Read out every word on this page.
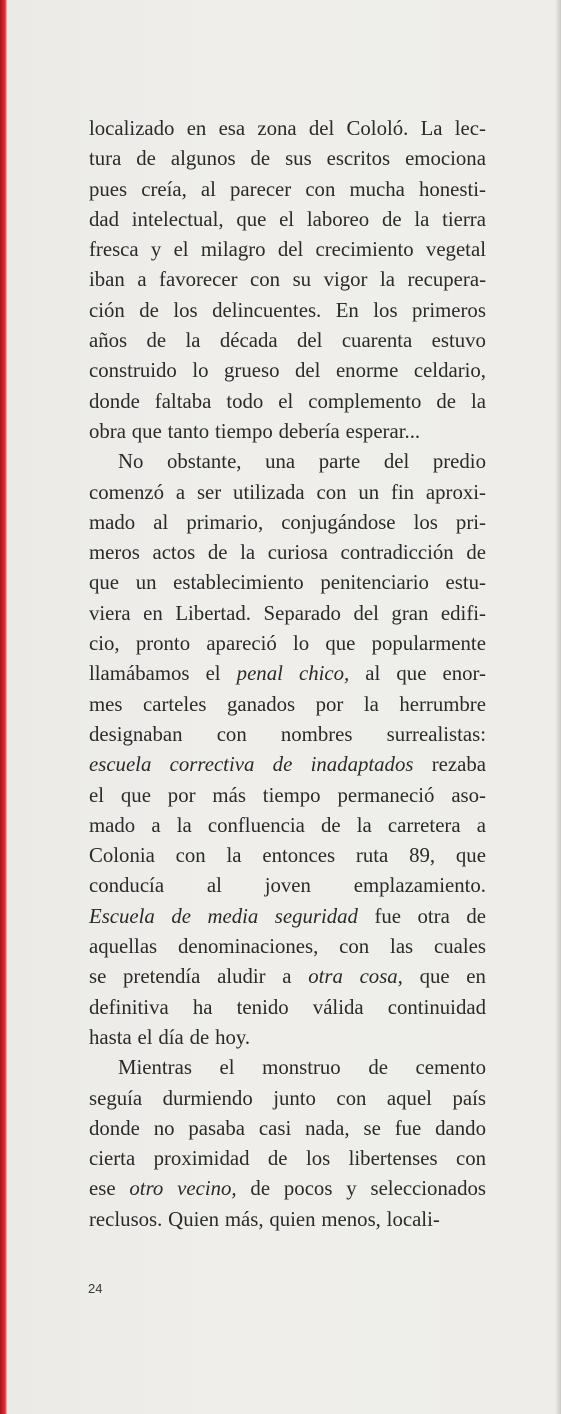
localizado en esa zona del Cololó. La lec-
tura de algunos de sus escritos emociona
pues creía, al parecer con mucha honesti-
dad intelectual, que el laboreo de la tierra
fresca y el milagro del crecimiento vegetal
iban a favorecer con su vigor la recupera-
ción de los delincuentes. En los primeros
años de la década del cuarenta estuvo
construido lo grueso del enorme celdario,
donde faltaba todo el complemento de la
obra que tanto tiempo debería esperar...
No obstante, una parte del predio
comenzó a ser utilizada con un fin aproxi-
mado al primario, conjugándose los pri-
meros actos de la curiosa contradicción de
que un establecimiento penitenciario estu-
viera en Libertad. Separado del gran edifi-
cio, pronto apareció lo que popularmente
llamábamos el penal chico, al que enor-
mes carteles ganados por la herrumbre
designaban con nombres surrealistas:
escuela correctiva de inadaptados rezaba
el que por más tiempo permaneció aso-
mado a la confluencia de la carretera a
Colonia con la entonces ruta 89, que
conducía al joven emplazamiento.
Escuela de media seguridad fue otra de
aquellas denominaciones, con las cuales
se pretendía aludir a otra cosa, que en
definitiva ha tenido válida continuidad
hasta el día de hoy.
Mientras el monstruo de cemento
seguía durmiendo junto con aquel país
donde no pasaba casi nada, se fue dando
cierta proximidad de los libertenses con
ese otro vecino, de pocos y seleccionados
reclusos. Quien más, quien menos, locali-
24
